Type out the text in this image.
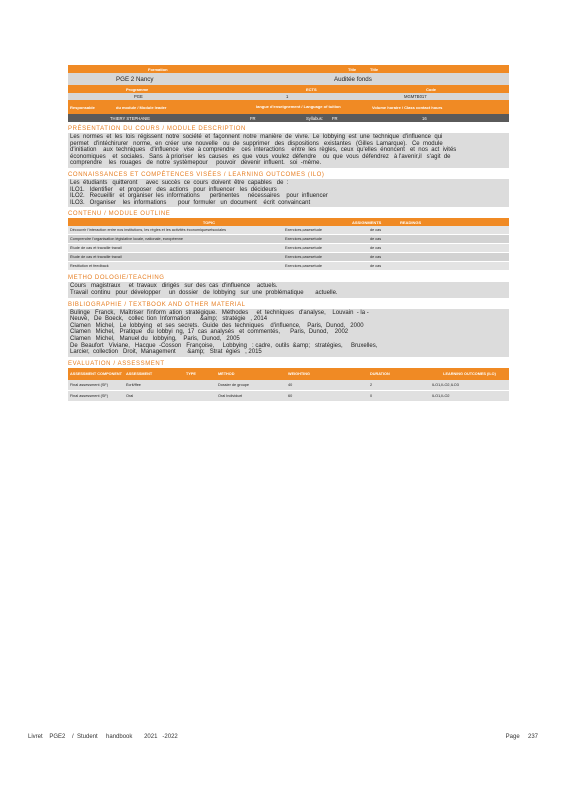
Formation	Title	Title
PGE 2 Nancy	Auditée fonds
Programme	ECTS	Code
PGE	1	MGMTB017
Responsable	du module / Module leader	langue d'enseignement / Language of tuition	Volume horaire / Class contact hours
THIERY STEPHANIE	FR	Syllabus:	FR	16
PRÉSENTATION DU COURS / MODULE DESCRIPTION
Les  normes  et  les  lois  régissent  notre  société  et  façonnent  notre  manière  de  vivre.  Le  lobbying  est  une  technique  d'influence  qui
permet   d'intéchirurer   norme,  en  créer  une  nouvelle   ou  de  supprimer   des  dispositions   existantes   (Gilles  Lamarque).   Ce  module
d'initiation    aux  techniques   d'influence   vise  à comprendre    ces  interactions    entre  les  règles,  ceux  qu'elles  énoncent   et  nos  act  ivités
économiques    et  sociales.   Sans  à prioriser   les  causes   es  que  vous  voulez  défendre    ou  que  vous  défendrez   à l'avenir,il   s'agit  de
comprendre    les  rouages   de  notre  systèmepour     pouvoir   devenir  influent.   soi  -même.
CONNAISSANCES ET COMPÉTENCES VISÉES / LEARNING OUTCOMES (ILO)
Les  étudiants   quitteront     avec  succès  ce  cours  doivent  être  capables   de  :
ILO1.   Identifier    et  proposer   des  actions   pour  influencer   les  décideurs
ILO2.   Recueillir   et  organiser  les  informations      pertinentes     nécessaires    pour  influencer
ILO3.   Organiser    les  informations       pour  formuler   un  document    écrit  convaincant
CONTENU / MODULE OUTLINE
TOPIC	ASSIGNMENTS	READINGS
Découvrir l'interaction entre nos institutions, les règles et les activités économiquesetsociales	Exercices,casesetude	de cas
Comprendre l'organisation législative locale, nationale, européenne	Exercices,casesetude	de cas
Étude de cas et travaille travail	Exercices,casesetude	de cas
Étude de cas et travaille travail	Exercices,casesetude	de cas
Restitution et feedback	Exercices,casesetude	de cas
METHO DOLOGIE/TEACHING
Cours   magistraux     et  travaux   dirigés   sur  des  cas  d'influence    actuels.
Travail  continu   pour  développer     un  dossier   de  lobbying   sur  une  problématique       actuelle.
BIBLIOGRAPHIE / TEXTBOOK AND OTHER MATERIAL
Bulinge   Franck,   Maîtriser  l'inform  ation  stratégique.   Méthodes     et  techniques   d'analyse,    Louvain  - la -
Neuve,   De  Boeck,   collec  tion  Information      &amp;   stratégie   , 2014
Clamen   Michel,   Le  lobbying   et  ses  secrets.  Guide  des  techniques    d'influence,    Paris,  Dunod,   2000
Clamen   Michel,   Pratique   du  lobbyi  ng,  17  cas  analysés   et  commentés,      Paris,  Dunod,    2002
Clamen   Michel,   Manuel du   lobbying,    Paris,  Dunod,   2005
De  Beaufort   Viviane,   Hacque  -Cosson   Françoise,     Lobbying   : cadre,  outils  &amp;   stratégies,     Bruxelles,
Larcier,  collection   Droit,  Management       &amp;   Strat  égies   , 2015
EVALUATION / ASSESSMENT
ASSESSMENT COMPONENT	ASSESSMENT	TYPE	MÉTHOD	WEIGHTING	DURATION	LEARNING OUTCOMES (ILO)
Final assessment (SF)	Écrit/ffee	Dossier de groupe	40	2	ILO1,ILO2,ILO3
Final assessment (SF)	Oral	Oral Individuel	60	0	ILO1,ILO2
Livret    PGE2    /  Student     handbook       2021   -2022	Page     237
